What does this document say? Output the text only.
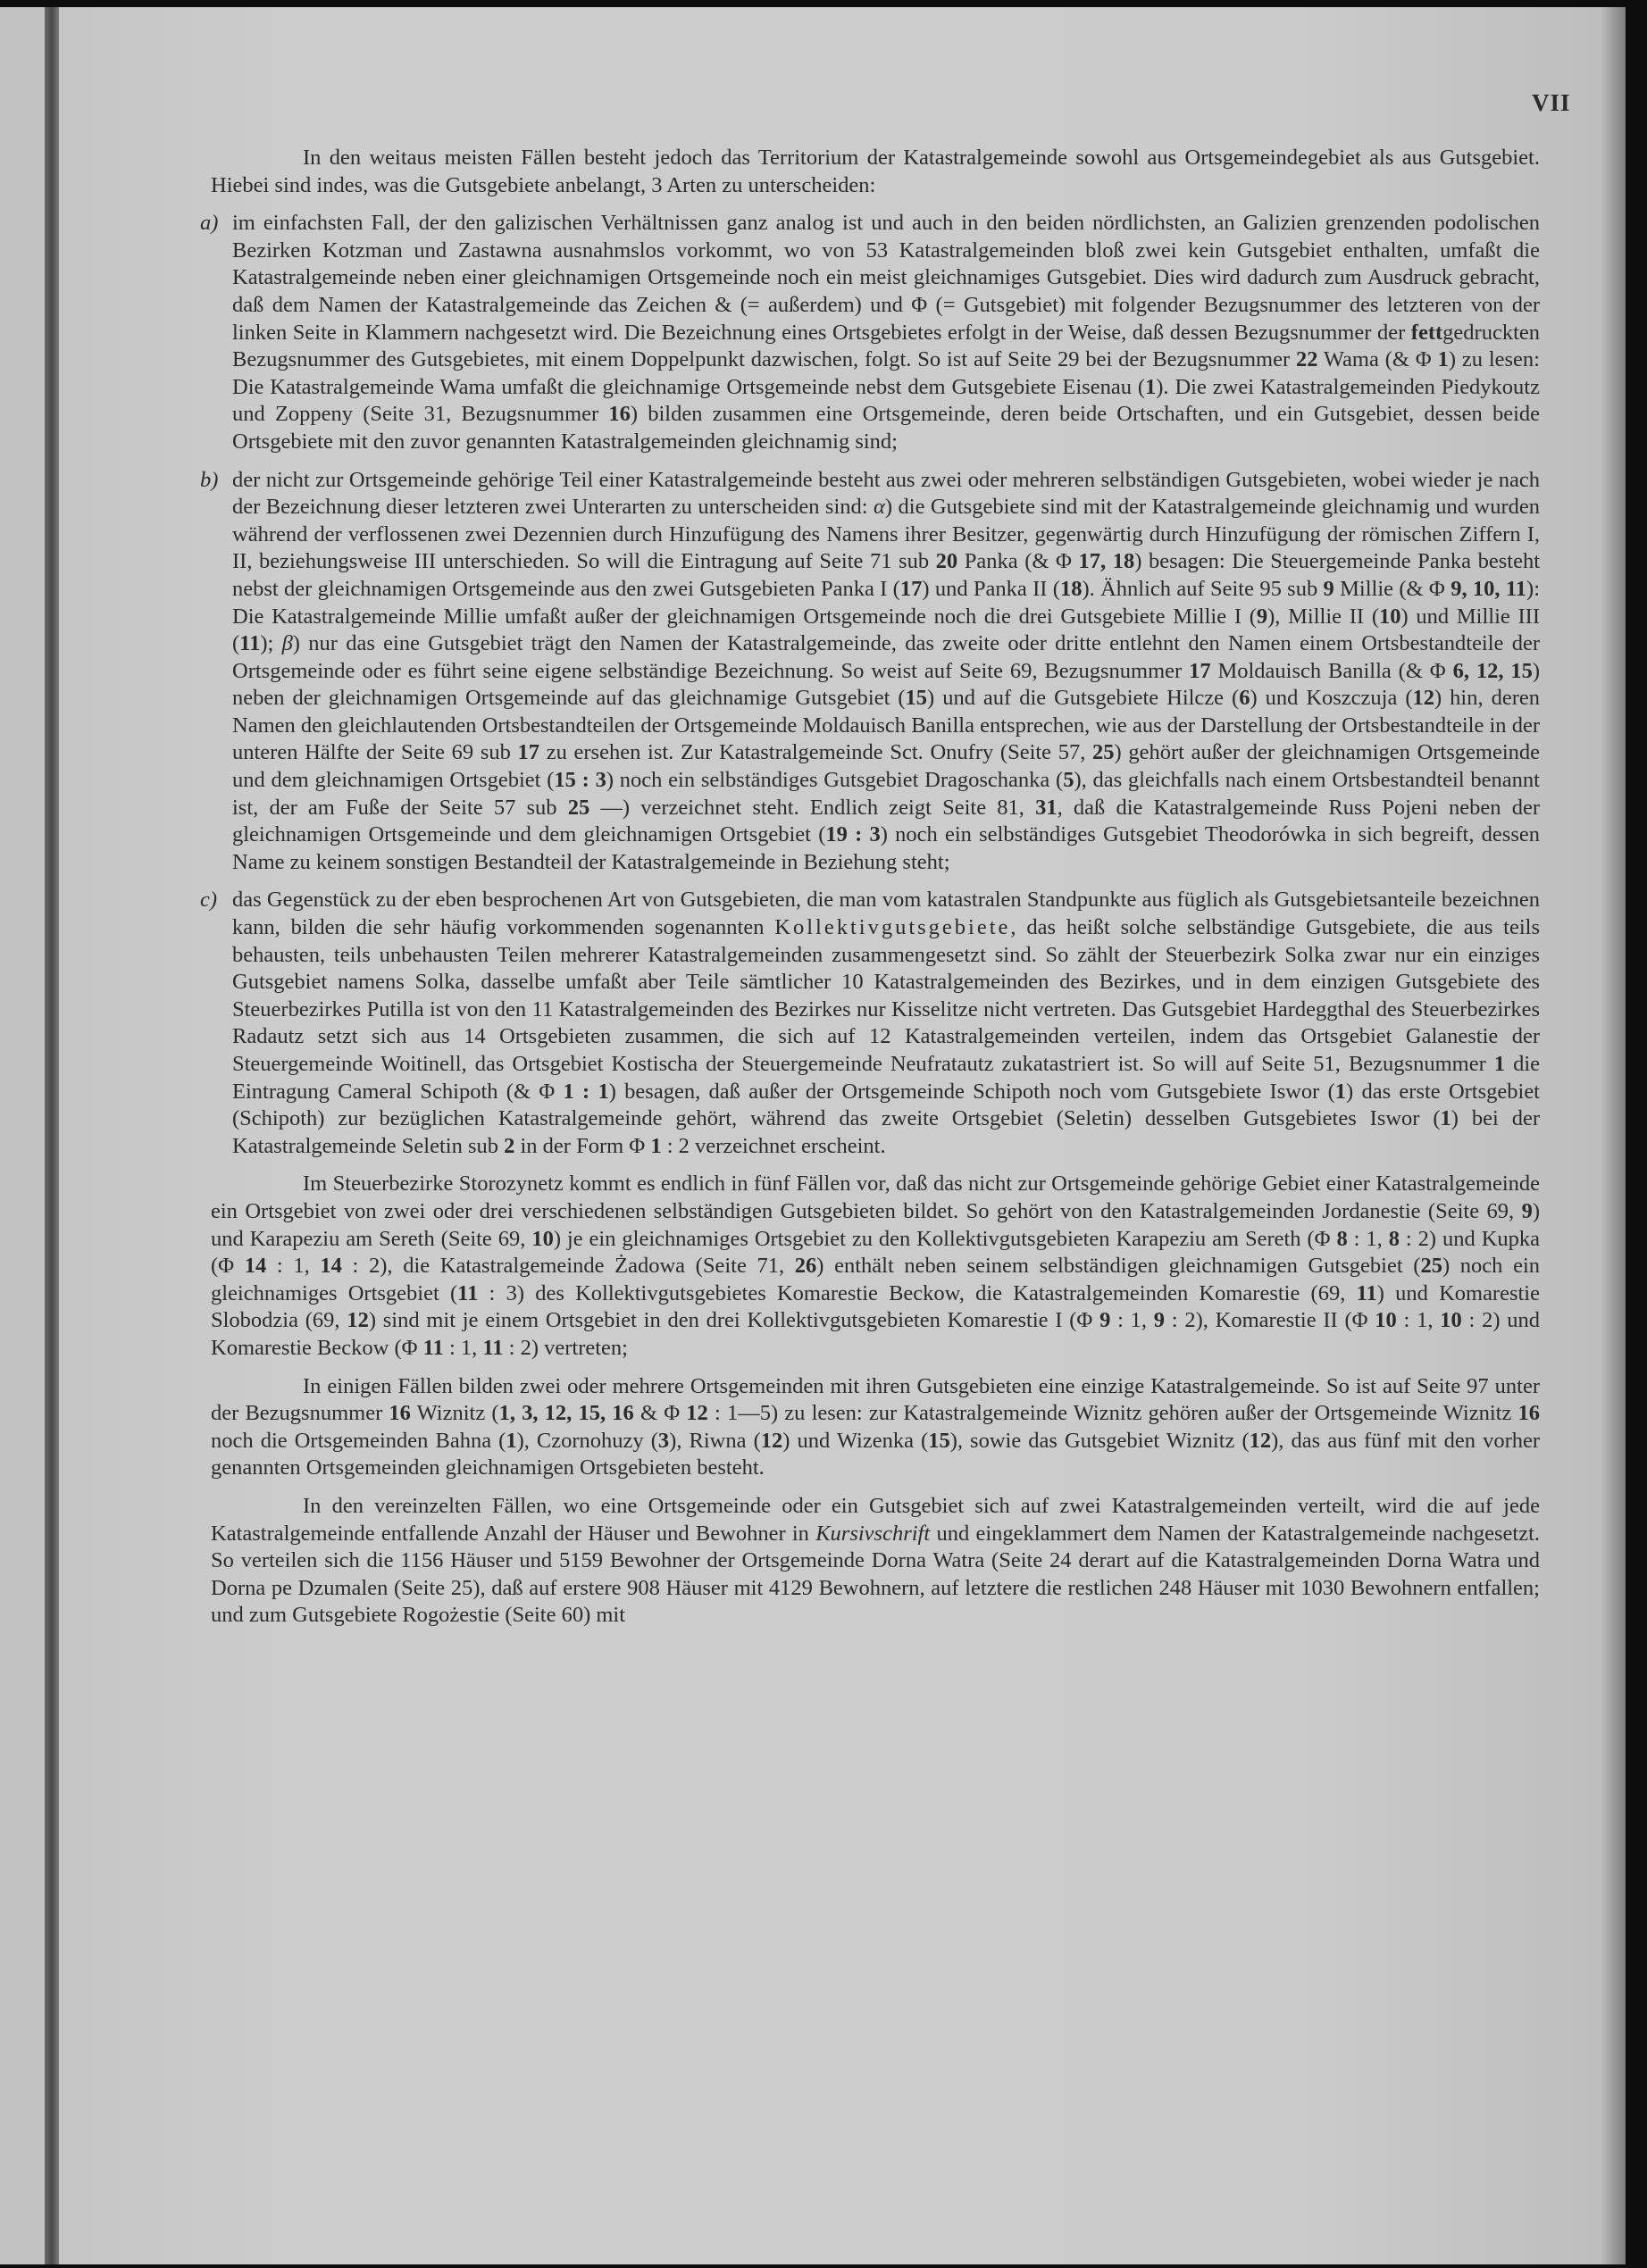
VII

In den weitaus meisten Fällen besteht jedoch das Territorium der Katastralgemeinde sowohl aus Ortsgemeindegebiet als aus Gutsgebiet. Hiebei sind indes, was die Gutsgebiete anbelangt, 3 Arten zu unterscheiden:

a) im einfachsten Fall, der den galizischen Verhältnissen ganz analog ist und auch in den beiden nördlichsten, an Galizien grenzenden podolischen Bezirken Kotzman und Zastawna ausnahmslos vorkommt, wo von 53 Katastralgemeinden bloß zwei kein Gutsgebiet enthalten, umfaßt die Katastralgemeinde neben einer gleichnamigen Ortsgemeinde noch ein meist gleichnamiges Gutsgebiet. Dies wird dadurch zum Ausdruck gebracht, daß dem Namen der Katastralgemeinde das Zeichen & (= außerdem) und Φ (= Gutsgebiet) mit folgender Bezugsnummer des letzteren von der linken Seite in Klammern nachgesetzt wird. Die Bezeichnung eines Ortsgebietes erfolgt in der Weise, daß dessen Bezugsnummer der fettgedruckten Bezugsnummer des Gutsgebietes, mit einem Doppelpunkt dazwischen, folgt. So ist auf Seite 29 bei der Bezugsnummer 22 Wama (& Φ 1) zu lesen: Die Katastralgemeinde Wama umfaßt die gleichnamige Ortsgemeinde nebst dem Gutsgebiete Eisenau (1). Die zwei Katastralgemeinden Piedykoutz und Zoppeny (Seite 31, Bezugsnummer 16) bilden zusammen eine Ortsgemeinde, deren beide Ortschaften, und ein Gutsgebiet, dessen beide Ortsgebiete mit den zuvor genannten Katastralgemeinden gleichnamig sind;
b) der nicht zur Ortsgemeinde gehörige Teil einer Katastralgemeinde besteht aus zwei oder mehreren selbständigen Gutsgebieten, wobei wieder je nach der Bezeichnung dieser letzteren zwei Unterarten zu unterscheiden sind: α) die Gutsgebiete sind mit der Katastralgemeinde gleichnamig und wurden während der verflossenen zwei Dezennien durch Hinzufügung des Namens ihrer Besitzer, gegenwärtig durch Hinzufügung der römischen Ziffern I, II, beziehungsweise III unterschieden. So will die Eintragung auf Seite 71 sub 20 Panka (& Φ 17, 18) besagen: Die Steuergemeinde Panka besteht nebst der gleichnamigen Ortsgemeinde aus den zwei Gutsgebieten Panka I (17) und Panka II (18). Ähnlich auf Seite 95 sub 9 Millie (& Φ 9, 10, 11): Die Katastralgemeinde Millie umfaßt außer der gleichnamigen Ortsgemeinde noch die drei Gutsgebiete Millie I (9), Millie II (10) und Millie III (11); β) nur das eine Gutsgebiet trägt den Namen der Katastralgemeinde, das zweite oder dritte entlehnt den Namen einem Ortsbestandteile der Ortsgemeinde oder es führt seine eigene selbständige Bezeichnung. So weist auf Seite 69, Bezugsnummer 17 Moldauisch Banilla (& Φ 6, 12, 15) neben der gleichnamigen Ortsgemeinde auf das gleichnamige Gutsgebiet (15) und auf die Gutsgebiete Hilcze (6) und Koszczuja (12) hin, deren Namen den gleichlautenden Ortsbestandteilen der Ortsgemeinde Moldauisch Banilla entsprechen, wie aus der Darstellung der Ortsbestandteile in der unteren Hälfte der Seite 69 sub 17 zu ersehen ist. Zur Katastralgemeinde Sct. Onufry (Seite 57, 25) gehört außer der gleichnamigen Ortsgemeinde und dem gleichnamigen Ortsgebiet (15 : 3) noch ein selbständiges Gutsgebiet Dragoschanka (5), das gleichfalls nach einem Ortsbestandteil benannt ist, der am Fuße der Seite 57 sub 25 —) verzeichnet steht. Endlich zeigt Seite 81, 31, daß die Katastralgemeinde Russ Pojeni neben der gleichnamigen Ortsgemeinde und dem gleichnamigen Ortsgebiet (19 : 3) noch ein selbständiges Gutsgebiet Theodorówka in sich begreift, dessen Name zu keinem sonstigen Bestandteil der Katastralgemeinde in Beziehung steht;
c) das Gegenstück zu der eben besprochenen Art von Gutsgebieten, die man vom katastralen Standpunkte aus füglich als Gutsgebietsanteile bezeichnen kann, bilden die sehr häufig vorkommenden sogenannten Kollektivgutsgebiete, das heißt solche selbständige Gutsgebiete, die aus teils behausten, teils unbehausten Teilen mehrerer Katastralgemeinden zusammengesetzt sind. So zählt der Steuerbezirk Solka zwar nur ein einziges Gutsgebiet namens Solka, dasselbe umfaßt aber Teile sämtlicher 10 Katastralgemeinden des Bezirkes, und in dem einzigen Gutsgebiete des Steuerbezirkes Putilla ist von den 11 Katastralgemeinden des Bezirkes nur Kisselitze nicht vertreten. Das Gutsgebiet Hardeggthal des Steuerbezirkes Radautz setzt sich aus 14 Ortsgebieten zusammen, die sich auf 12 Katastralgemeinden verteilen, indem das Ortsgebiet Galanestie der Steuergemeinde Woitinell, das Ortsgebiet Kostischa der Steuergemeinde Neufratautz zukatastriert ist. So will auf Seite 51, Bezugsnummer 1 die Eintragung Cameral Schipoth (& Φ 1 : 1) besagen, daß außer der Ortsgemeinde Schipoth noch vom Gutsgebiete Iswor (1) das erste Ortsgebiet (Schipoth) zur bezüglichen Katastralgemeinde gehört, während das zweite Ortsgebiet (Seletin) desselben Gutsgebietes Iswor (1) bei der Katastralgemeinde Seletin sub 2 in der Form Φ 1 : 2 verzeichnet erscheint.

Im Steuerbezirke Storozynetz kommt es endlich in fünf Fällen vor, daß das nicht zur Ortsgemeinde gehörige Gebiet einer Katastralgemeinde ein Ortsgebiet von zwei oder drei verschiedenen selbständigen Gutsgebieten bildet. So gehört von den Katastralgemeinden Jordanestie (Seite 69, 9) und Karapeziu am Sereth (Seite 69, 10) je ein gleichnamiges Ortsgebiet zu den Kollektivgutsgebieten Karapeziu am Sereth (Φ 8 : 1, 8 : 2) und Kupka (Φ 14 : 1, 14 : 2), die Katastralgemeinde Żadowa (Seite 71, 26) enthält neben seinem selbständigen gleichnamigen Gutsgebiet (25) noch ein gleichnamiges Ortsgebiet (11 : 3) des Kollektivgutsgebietes Komarestie Beckow, die Katastralgemeinden Komarestie (69, 11) und Komarestie Slobodzia (69, 12) sind mit je einem Ortsgebiet in den drei Kollektivgutsgebieten Komarestie I (Φ 9 : 1, 9 : 2), Komarestie II (Φ 10 : 1, 10 : 2) und Komarestie Beckow (Φ 11 : 1, 11 : 2) vertreten;

In einigen Fällen bilden zwei oder mehrere Ortsgemeinden mit ihren Gutsgebieten eine einzige Katastralgemeinde. So ist auf Seite 97 unter der Bezugsnummer 16 Wiznitz (1, 3, 12, 15, 16 & Φ 12 : 1—5) zu lesen: zur Katastralgemeinde Wiznitz gehören außer der Ortsgemeinde Wiznitz 16 noch die Ortsgemeinden Bahna (1), Czornohuzy (3), Riwna (12) und Wizenka (15), sowie das Gutsgebiet Wiznitz (12), das aus fünf mit den vorher genannten Ortsgemeinden gleichnamigen Ortsgebieten besteht.

In den vereinzelten Fällen, wo eine Ortsgemeinde oder ein Gutsgebiet sich auf zwei Katastralgemeinden verteilt, wird die auf jede Katastralgemeinde entfallende Anzahl der Häuser und Bewohner in Kursivschrift und eingeklammert dem Namen der Katastralgemeinde nachgesetzt. So verteilen sich die 1156 Häuser und 5159 Bewohner der Ortsgemeinde Dorna Watra (Seite 24 derart auf die Katastralgemeinden Dorna Watra und Dorna pe Dzumalen (Seite 25), daß auf erstere 908 Häuser mit 4129 Bewohnern, auf letztere die restlichen 248 Häuser mit 1030 Bewohnern entfallen; und zum Gutsgebiete Rogożestie (Seite 60) mit
